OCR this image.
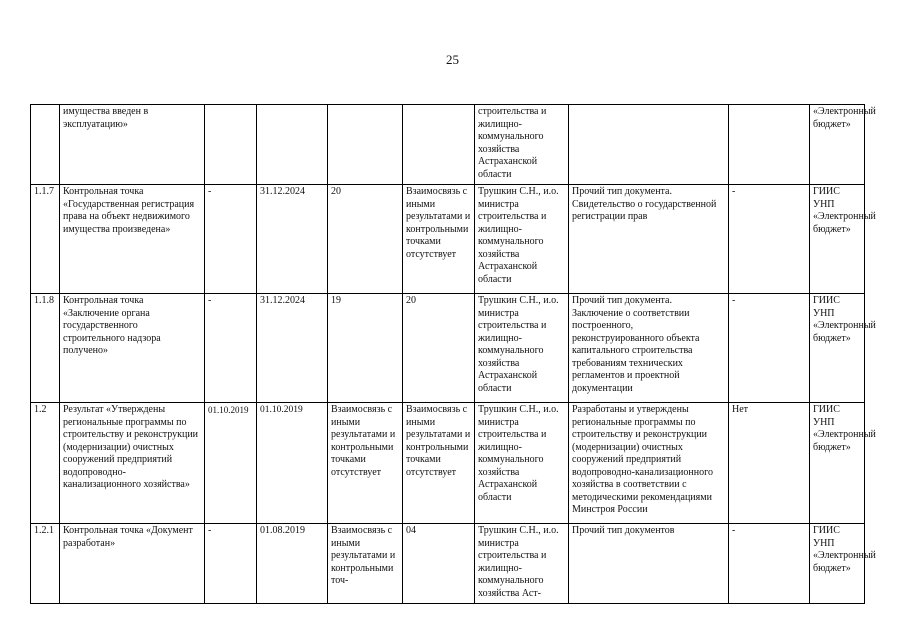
25
	имущества введен в эксплуатацию»					строительства и жилищно-коммунального хозяйства Астраханской области			«Электронный бюджет»
1.1.7	Контрольная точка «Государственная регистрация права на объект недвижимого имущества произведена»	-	31.12.2024	20	Взаимосвязь с иными результатами и контрольными точками отсутствует	Трушкин С.Н., и.о. министра строительства и жилищно-коммунального хозяйства Астраханской области	Прочий тип документа. Свидетельство о государственной регистрации прав	-	ГИИС УНП «Электронный бюджет»
1.1.8	Контрольная точка «Заключение органа государственного строительного надзора получено»	-	31.12.2024	19	20	Трушкин С.Н., и.о. министра строительства и жилищно-коммунального хозяйства Астраханской области	Прочий тип документа. Заключение о соответствии построенного, реконструированного объекта капитального строительства требованиям технических регламентов и проектной документации	-	ГИИС УНП «Электронный бюджет»
1.2	Результат «Утверждены региональные программы по строительству и реконструкции (модернизации) очистных сооружений предприятий водопроводно-канализационного хозяйства»	01.10.2019	01.10.2019	Взаимосвязь с иными результатами и контрольными точками отсутствует	Взаимосвязь с иными результатами и контрольными точками отсутствует	Трушкин С.Н., и.о. министра строительства и жилищно-коммунального хозяйства Астраханской области	Разработаны и утверждены региональные программы по строительству и реконструкции (модернизации) очистных сооружений предприятий водопроводно-канализационного хозяйства в соответствии с методическими рекомендациями Минстроя России	Нет	ГИИС УНП «Электронный бюджет»
1.2.1	Контрольная точка «Документ разработан»	-	01.08.2019	Взаимосвязь с иными результатами и контрольными точ-	04	Трушкин С.Н., и.о. министра строительства и жилищно-коммунального хозяйства Аст-	Прочий тип документов	-	ГИИС УНП «Электронный бюджет»
